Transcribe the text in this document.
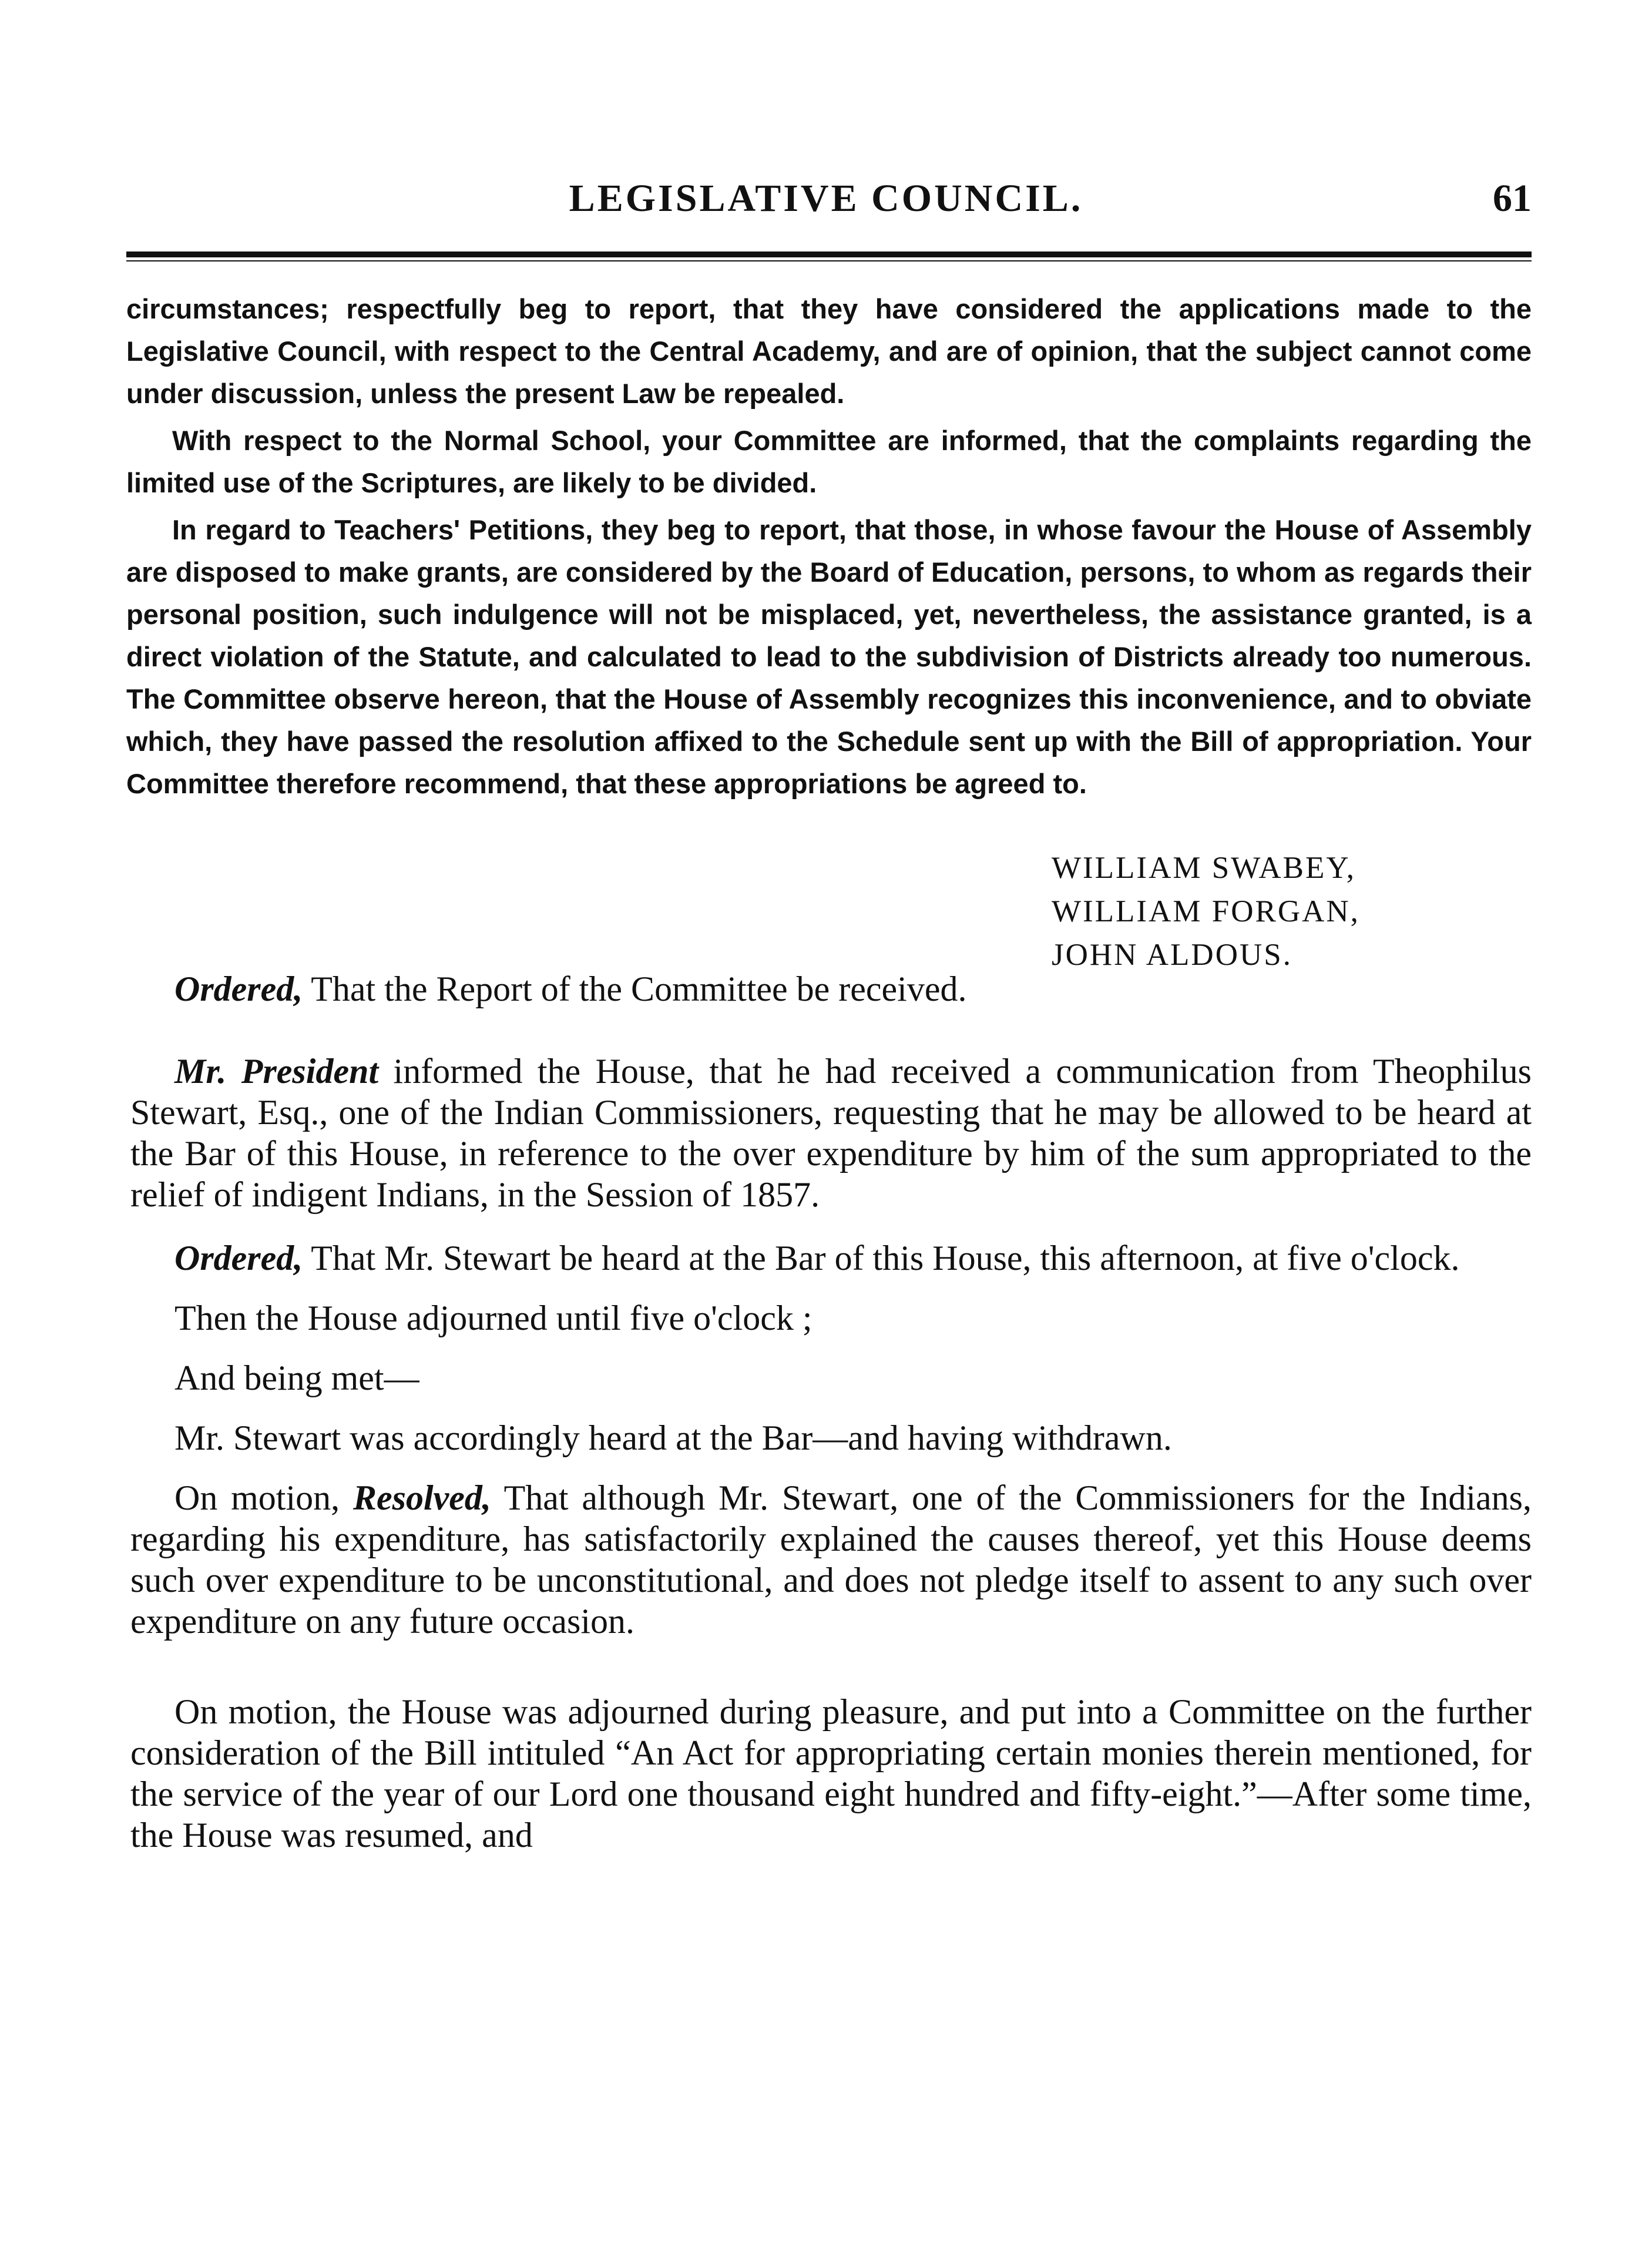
LEGISLATIVE COUNCIL.	61

circumstances; respectfully beg to report, that they have considered the applications made to the Legislative Council, with respect to the Central Academy, and are of opinion, that the subject cannot come under discussion, unless the present Law be repealed.

With respect to the Normal School, your Committee are informed, that the complaints regarding the limited use of the Scriptures, are likely to be divided.

In regard to Teachers' Petitions, they beg to report, that those, in whose favour the House of Assembly are disposed to make grants, are considered by the Board of Education, persons, to whom as regards their personal position, such indulgence will not be misplaced, yet, nevertheless, the assistance granted, is a direct violation of the Statute, and calculated to lead to the subdivision of Districts already too numerous. The Committee observe hereon, that the House of Assembly recognizes this inconvenience, and to obviate which, they have passed the resolution affixed to the Schedule sent up with the Bill of appropriation. Your Committee therefore recommend, that these appropriations be agreed to.

WILLIAM SWABEY,
WILLIAM FORGAN,
JOHN ALDOUS.

Ordered, That the Report of the Committee be received.

Mr. President informed the House, that he had received a communication from Theophilus Stewart, Esq., one of the Indian Commissioners, requesting that he may be allowed to be heard at the Bar of this House, in reference to the over expenditure by him of the sum appropriated to the relief of indigent Indians, in the Session of 1857.

Ordered, That Mr. Stewart be heard at the Bar of this House, this afternoon, at five o'clock.

Then the House adjourned until five o'clock ;

And being met—

Mr. Stewart was accordingly heard at the Bar—and having withdrawn.

On motion, Resolved, That although Mr. Stewart, one of the Commissioners for the Indians, regarding his expenditure, has satisfactorily explained the causes thereof, yet this House deems such over expenditure to be unconstitutional, and does not pledge itself to assent to any such over expenditure on any future occasion.

On motion, the House was adjourned during pleasure, and put into a Committee on the further consideration of the Bill intituled “An Act for appropriating certain monies therein mentioned, for the service of the year of our Lord one thousand eight hundred and fifty-eight.”—After some time, the House was resumed, and
